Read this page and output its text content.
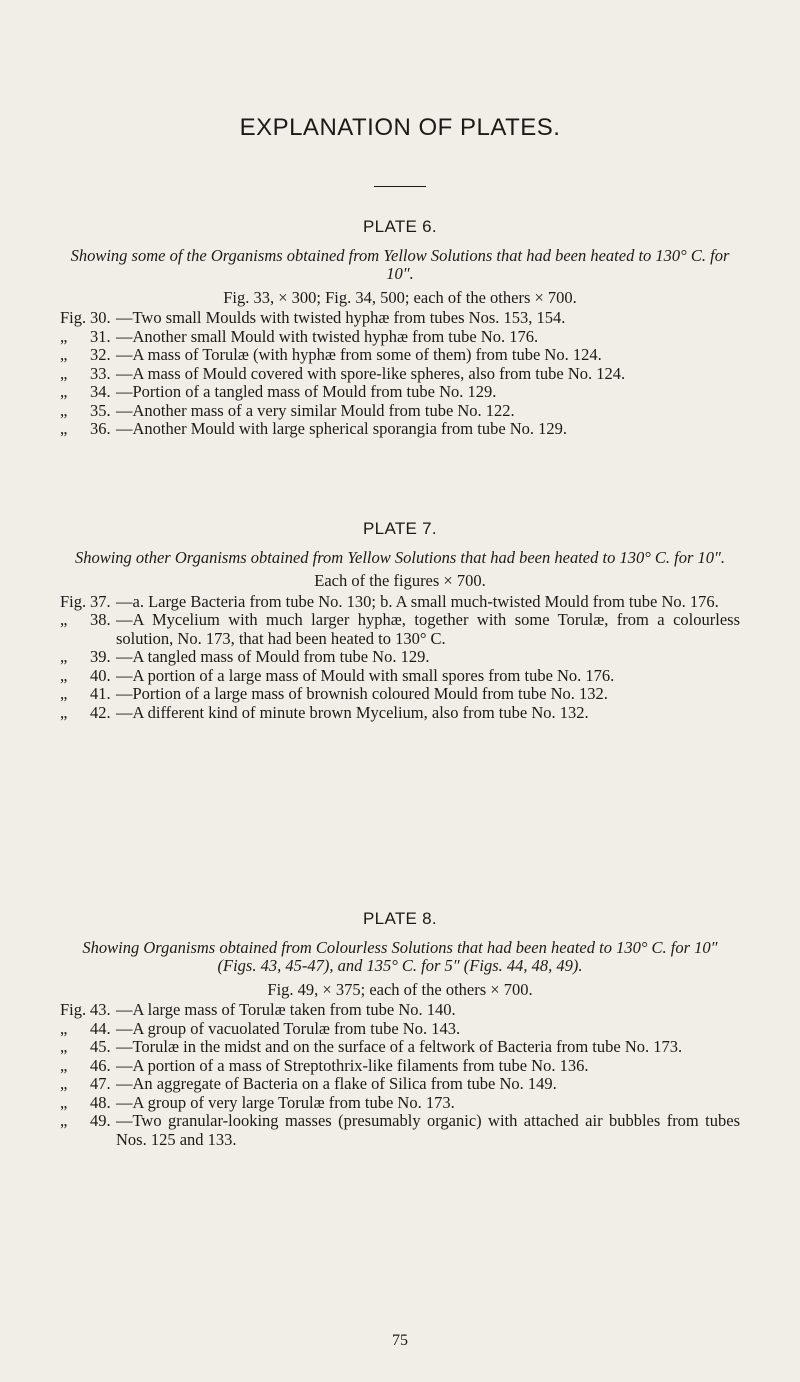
EXPLANATION OF PLATES.
PLATE 6.
Showing some of the Organisms obtained from Yellow Solutions that had been heated to 130° C. for 10″.
Fig. 33, × 300; Fig. 34, 500; each of the others × 700.
Fig. 30. —Two small Moulds with twisted hyphæ from tubes Nos. 153, 154.
„ 31. —Another small Mould with twisted hyphæ from tube No. 176.
„ 32. —A mass of Torulæ (with hyphæ from some of them) from tube No. 124.
„ 33. —A mass of Mould covered with spore-like spheres, also from tube No. 124.
„ 34. —Portion of a tangled mass of Mould from tube No. 129.
„ 35. —Another mass of a very similar Mould from tube No. 122.
„ 36. —Another Mould with large spherical sporangia from tube No. 129.
PLATE 7.
Showing other Organisms obtained from Yellow Solutions that had been heated to 130° C. for 10″.
Each of the figures × 700.
Fig. 37. —a. Large Bacteria from tube No. 130; b. A small much-twisted Mould from tube No. 176.
„ 38. —A Mycelium with much larger hyphæ, together with some Torulæ, from a colourless solution, No. 173, that had been heated to 130° C.
„ 39. —A tangled mass of Mould from tube No. 129.
„ 40. —A portion of a large mass of Mould with small spores from tube No. 176.
„ 41. —Portion of a large mass of brownish coloured Mould from tube No. 132.
„ 42. —A different kind of minute brown Mycelium, also from tube No. 132.
PLATE 8.
Showing Organisms obtained from Colourless Solutions that had been heated to 130° C. for 10″ (Figs. 43, 45-47), and 135° C. for 5″ (Figs. 44, 48, 49).
Fig. 49, × 375; each of the others × 700.
Fig. 43. —A large mass of Torulæ taken from tube No. 140.
„ 44. —A group of vacuolated Torulæ from tube No. 143.
„ 45. —Torulæ in the midst and on the surface of a feltwork of Bacteria from tube No. 173.
„ 46. —A portion of a mass of Streptothrix-like filaments from tube No. 136.
„ 47. —An aggregate of Bacteria on a flake of Silica from tube No. 149.
„ 48. —A group of very large Torulæ from tube No. 173.
„ 49. —Two granular-looking masses (presumably organic) with attached air bubbles from tubes Nos. 125 and 133.
75
